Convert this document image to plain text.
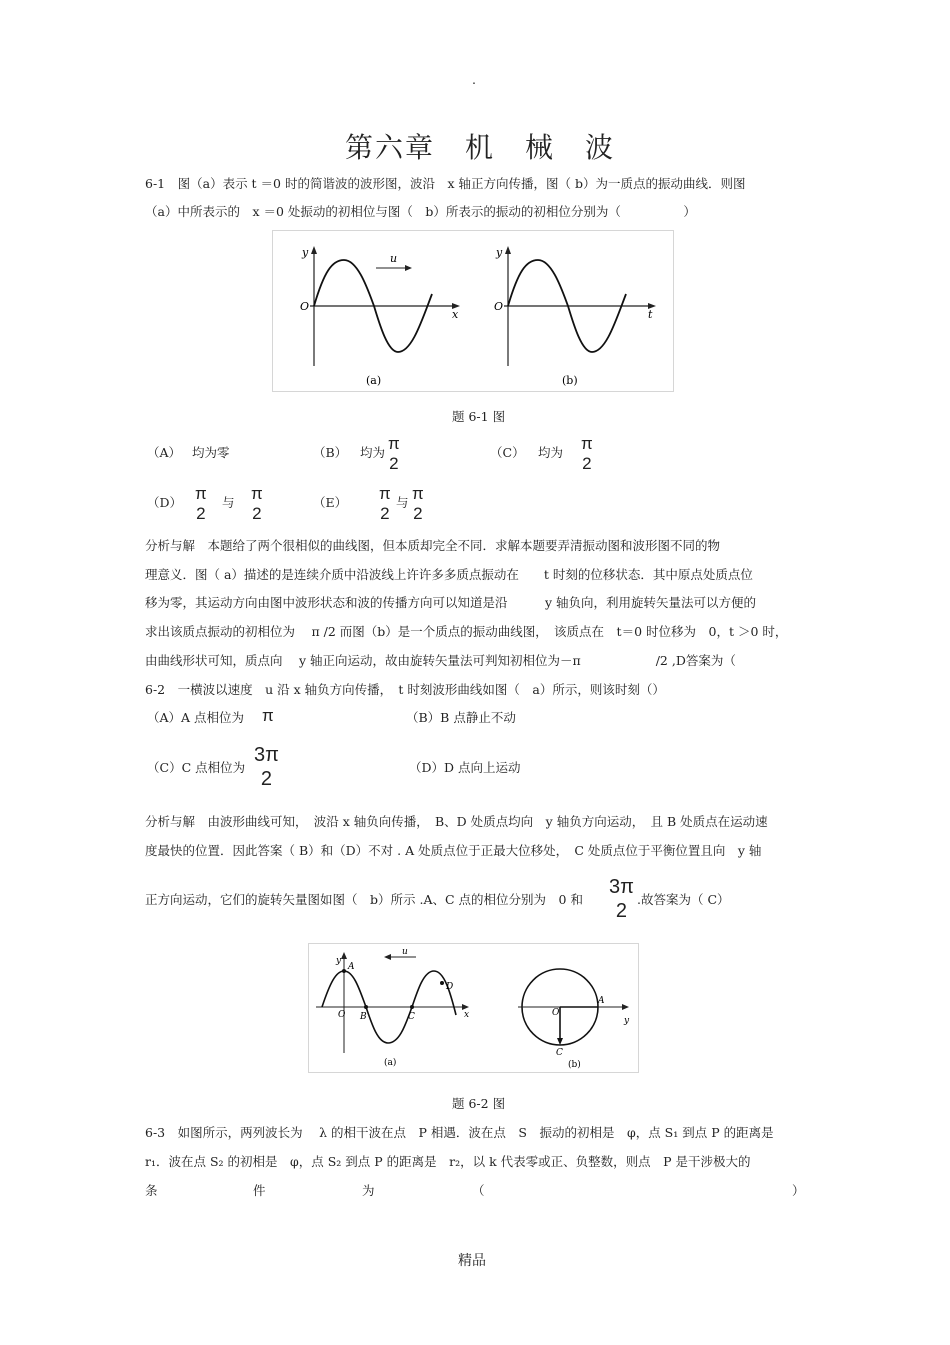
.
第六章　机　械　波
6-1　图（a）表示 t ＝0 时的简谐波的波形图，波沿　x 轴正方向传播，图（ b）为一质点的振动曲线．则图
（a）中所表示的　x ＝0 处振动的初相位与图（　b）所表示的振动的初相位分别为（　　　　　）
u
y
O
x
(a)
y
O
t
(b)
题 6-1 图
（A） 均为零	（B） 均为 π
2
（C） 均为 π
2
（D） π
2
与 π
2
（E） π
2
与 π
2
分析与解　本题给了两个很相似的曲线图，但本质却完全不同．求解本题要弄清振动图和波形图不同的物
理意义．图（ a）描述的是连续介质中沿波线上许许多多质点振动在　　t 时刻的位移状态．其中原点处质点位
移为零，其运动方向由图中波形状态和波的传播方向可以知道是沿　　　y 轴负向，利用旋转矢量法可以方便的
求出该质点振动的初相位为　 π /2 而图（b）是一个质点的振动曲线图，　该质点在　t＝0 时位移为　0，t ＞0 时，
由曲线形状可知，质点向　 y 轴正向运动，故由旋转矢量法可判知初相位为－π　　　　　　/2 ,D答案为（
6-2　一横波以速度　u 沿 x 轴负方向传播，　t 时刻波形曲线如图（　a）所示，则该时刻（）
（A）A 点相位为 π	（B）B 点静止不动
（C）C 点相位为
3π
2
（D）D 点向上运动
分析与解　由波形曲线可知，　波沿 x 轴负向传播，　B、D 处质点均向　y 轴负方向运动，　且 B 处质点在运动速
度最快的位置．因此答案（ B）和（D）不对 . A 处质点位于正最大位移处，　C 处质点位于平衡位置且向　y 轴
正方向运动，它们的旋转矢量图如图（　b）所示 .A、C 点的相位分别为　0 和
3π
2
.故答案为（ C）
u
y
A
O B	C
D
x
(a)
O
A
C
y
(b)
题 6-2 图
6-3　如图所示，两列波长为　 λ 的相干波在点　P 相遇．波在点　S　振动的初相是　φ，点 S₁ 到点 P 的距离是
r₁．波在点 S₂ 的初相是　φ，点 S₂ 到点 P 的距离是　r₂，以 k 代表零或正、负整数，则点　P 是干涉极大的
条	件	为	（	）
精品
